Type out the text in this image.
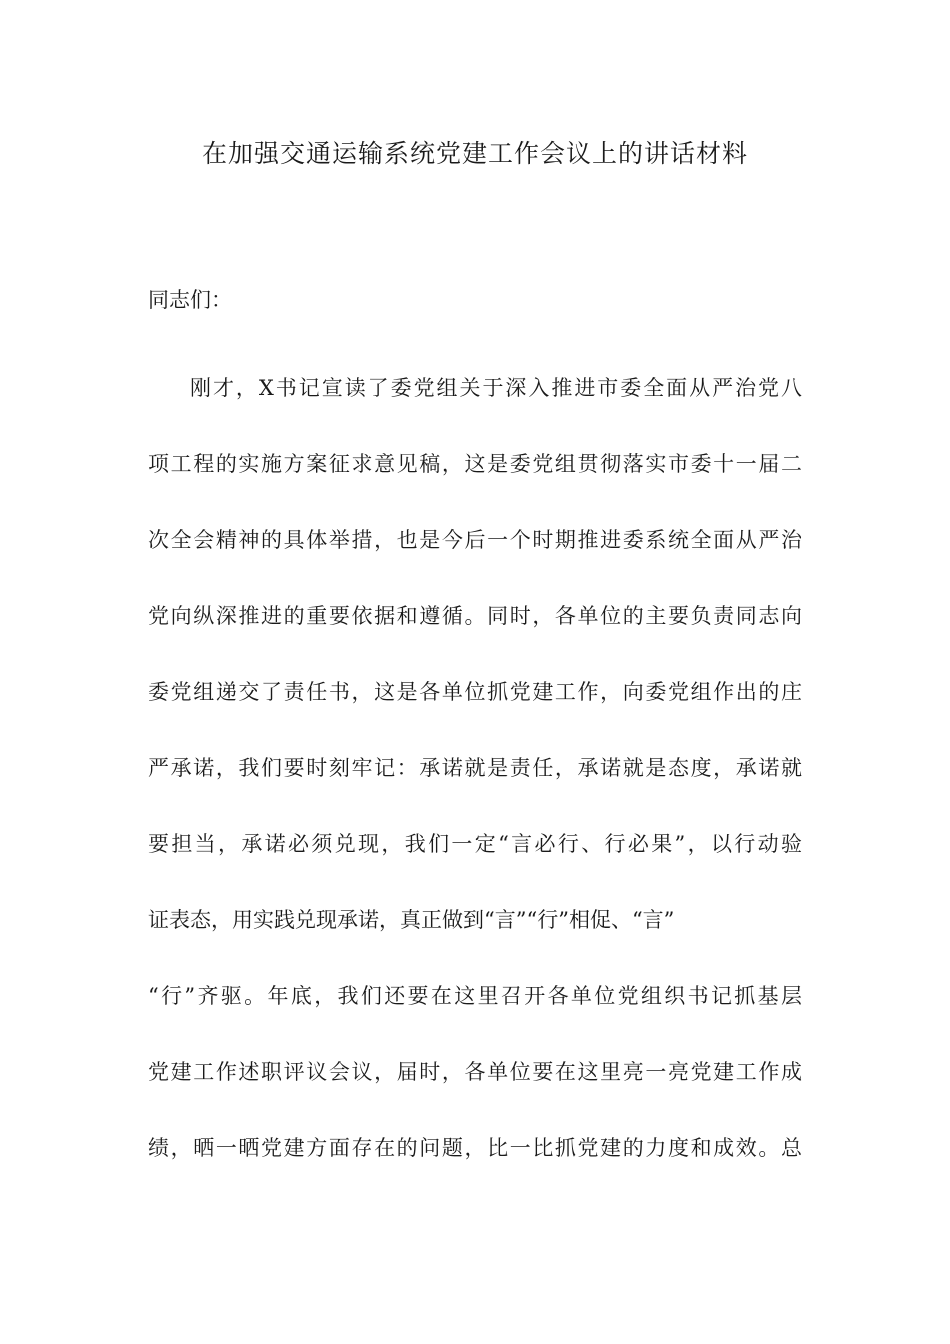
在加强交通运输系统党建工作会议上的讲话材料

同志们：

刚才，X书记宣读了委党组关于深入推进市委全面从严治党八
项工程的实施方案征求意见稿，这是委党组贯彻落实市委十一届二
次全会精神的具体举措，也是今后一个时期推进委系统全面从严治
党向纵深推进的重要依据和遵循。同时，各单位的主要负责同志向
委党组递交了责任书，这是各单位抓党建工作，向委党组作出的庄
严承诺，我们要时刻牢记：承诺就是责任，承诺就是态度，承诺就
要担当，承诺必须兑现，我们一定“言必行、行必果”，以行动验
证表态，用实践兑现承诺，真正做到“言”“行”相促、“言”
“行”齐驱。年底，我们还要在这里召开各单位党组织书记抓基层
党建工作述职评议会议，届时，各单位要在这里亮一亮党建工作成
绩，晒一晒党建方面存在的问题，比一比抓党建的力度和成效。总
